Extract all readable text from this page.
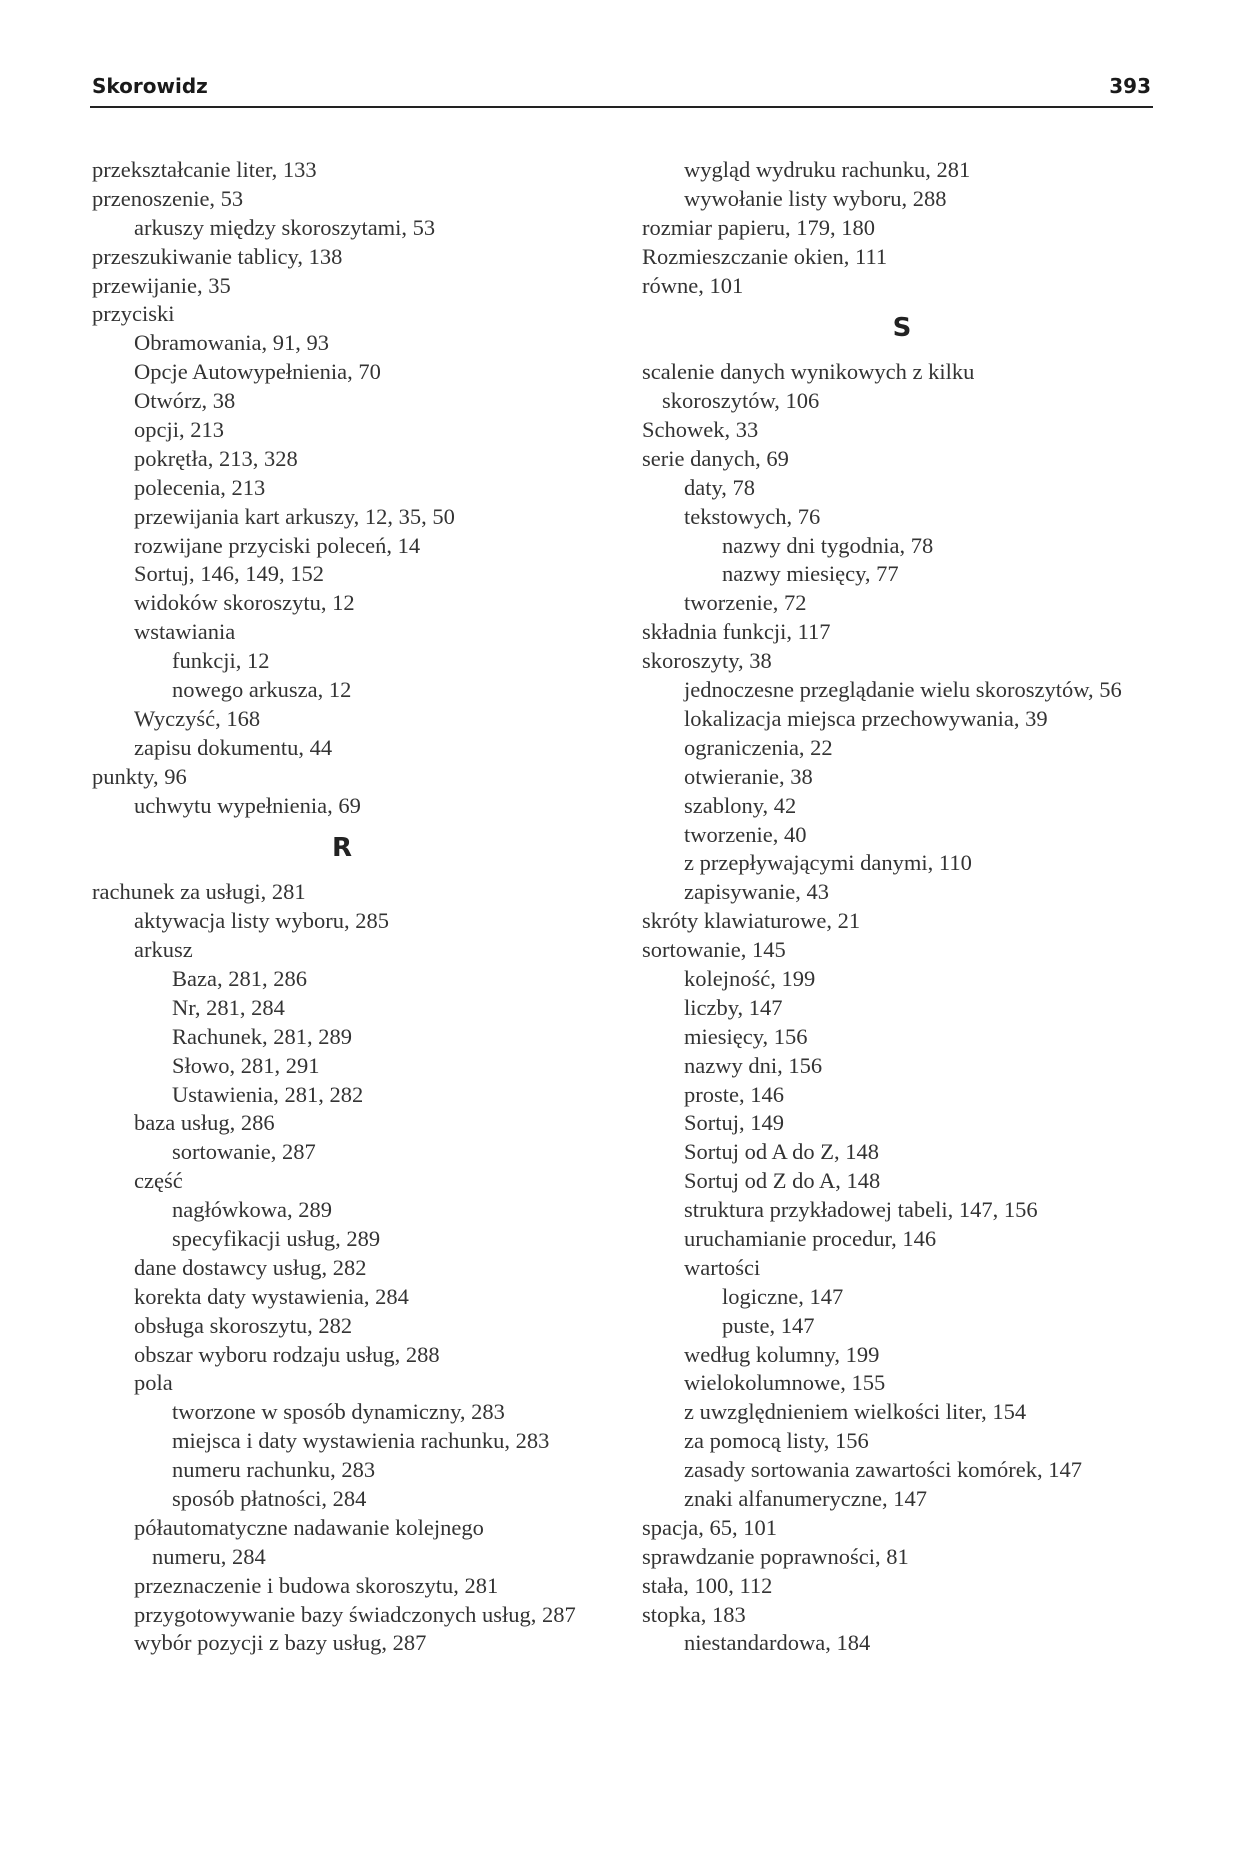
Skorowidz	393
przekształcanie liter, 133
przenoszenie, 53
arkuszy między skoroszytami, 53
przeszukiwanie tablicy, 138
przewijanie, 35
przyciski
Obramowania, 91, 93
Opcje Autowypełnienia, 70
Otwórz, 38
opcji, 213
pokrętła, 213, 328
polecenia, 213
przewijania kart arkuszy, 12, 35, 50
rozwijane przyciski poleceń, 14
Sortuj, 146, 149, 152
widoków skoroszytu, 12
wstawiania
funkcji, 12
nowego arkusza, 12
Wyczyść, 168
zapisu dokumentu, 44
punkty, 96
uchwytu wypełnienia, 69
R
rachunek za usługi, 281
aktywacja listy wyboru, 285
arkusz
Baza, 281, 286
Nr, 281, 284
Rachunek, 281, 289
Słowo, 281, 291
Ustawienia, 281, 282
baza usług, 286
sortowanie, 287
część
nagłówkowa, 289
specyfikacji usług, 289
dane dostawcy usług, 282
korekta daty wystawienia, 284
obsługa skoroszytu, 282
obszar wyboru rodzaju usług, 288
pola
tworzone w sposób dynamiczny, 283
miejsca i daty wystawienia rachunku, 283
numeru rachunku, 283
sposób płatności, 284
półautomatyczne nadawanie kolejnego
numeru, 284
przeznaczenie i budowa skoroszytu, 281
przygotowywanie bazy świadczonych usług, 287
wybór pozycji z bazy usług, 287
wygląd wydruku rachunku, 281
wywołanie listy wyboru, 288
rozmiar papieru, 179, 180
Rozmieszczanie okien, 111
równe, 101
S
scalenie danych wynikowych z kilku
skoroszytów, 106
Schowek, 33
serie danych, 69
daty, 78
tekstowych, 76
nazwy dni tygodnia, 78
nazwy miesięcy, 77
tworzenie, 72
składnia funkcji, 117
skoroszyty, 38
jednoczesne przeglądanie wielu skoroszytów, 56
lokalizacja miejsca przechowywania, 39
ograniczenia, 22
otwieranie, 38
szablony, 42
tworzenie, 40
z przepływającymi danymi, 110
zapisywanie, 43
skróty klawiaturowe, 21
sortowanie, 145
kolejność, 199
liczby, 147
miesięcy, 156
nazwy dni, 156
proste, 146
Sortuj, 149
Sortuj od A do Z, 148
Sortuj od Z do A, 148
struktura przykładowej tabeli, 147, 156
uruchamianie procedur, 146
wartości
logiczne, 147
puste, 147
według kolumny, 199
wielokolumnowe, 155
z uwzględnieniem wielkości liter, 154
za pomocą listy, 156
zasady sortowania zawartości komórek, 147
znaki alfanumeryczne, 147
spacja, 65, 101
sprawdzanie poprawności, 81
stała, 100, 112
stopka, 183
niestandardowa, 184
